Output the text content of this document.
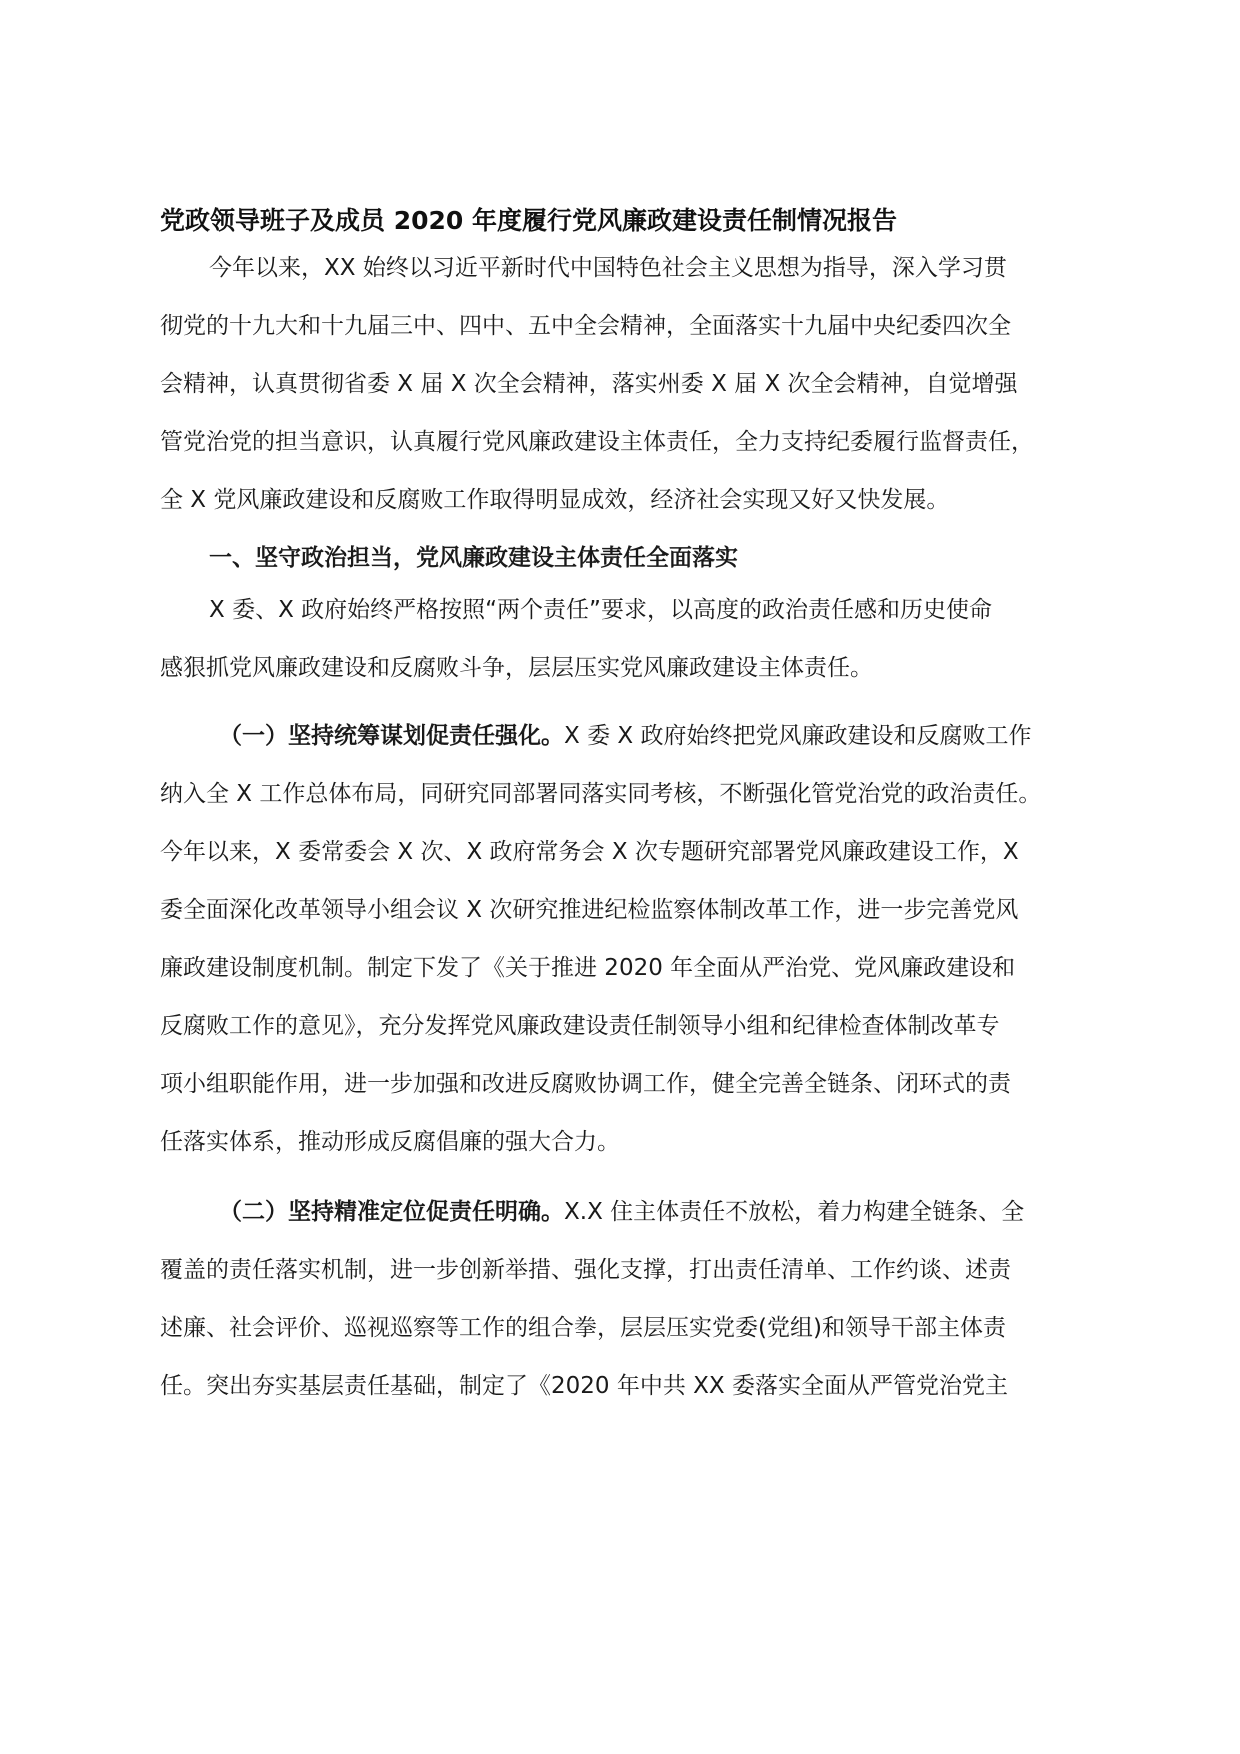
党政领导班子及成员 2020 年度履行党风廉政建设责任制情况报告
今年以来，XX 始终以习近平新时代中国特色社会主义思想为指导，深入学习贯
彻党的十九大和十九届三中、四中、五中全会精神，全面落实十九届中央纪委四次全
会精神，认真贯彻省委 X 届 X 次全会精神，落实州委 X 届 X 次全会精神，自觉增强
管党治党的担当意识，认真履行党风廉政建设主体责任，全力支持纪委履行监督责任，
全 X 党风廉政建设和反腐败工作取得明显成效，经济社会实现又好又快发展。
一、坚守政治担当，党风廉政建设主体责任全面落实
X 委、X 政府始终严格按照“两个责任”要求，以高度的政治责任感和历史使命
感狠抓党风廉政建设和反腐败斗争，层层压实党风廉政建设主体责任。
（一）坚持统筹谋划促责任强化。X 委 X 政府始终把党风廉政建设和反腐败工作
纳入全 X 工作总体布局，同研究同部署同落实同考核，不断强化管党治党的政治责任。
今年以来，X 委常委会 X 次、X 政府常务会 X 次专题研究部署党风廉政建设工作，X
委全面深化改革领导小组会议 X 次研究推进纪检监察体制改革工作，进一步完善党风
廉政建设制度机制。制定下发了《关于推进 2020 年全面从严治党、党风廉政建设和
反腐败工作的意见》，充分发挥党风廉政建设责任制领导小组和纪律检查体制改革专
项小组职能作用，进一步加强和改进反腐败协调工作，健全完善全链条、闭环式的责
任落实体系，推动形成反腐倡廉的强大合力。
（二）坚持精准定位促责任明确。X.X 住主体责任不放松，着力构建全链条、全
覆盖的责任落实机制，进一步创新举措、强化支撑，打出责任清单、工作约谈、述责
述廉、社会评价、巡视巡察等工作的组合拳，层层压实党委(党组)和领导干部主体责
任。突出夯实基层责任基础，制定了《2020 年中共 XX 委落实全面从严管党治党主
